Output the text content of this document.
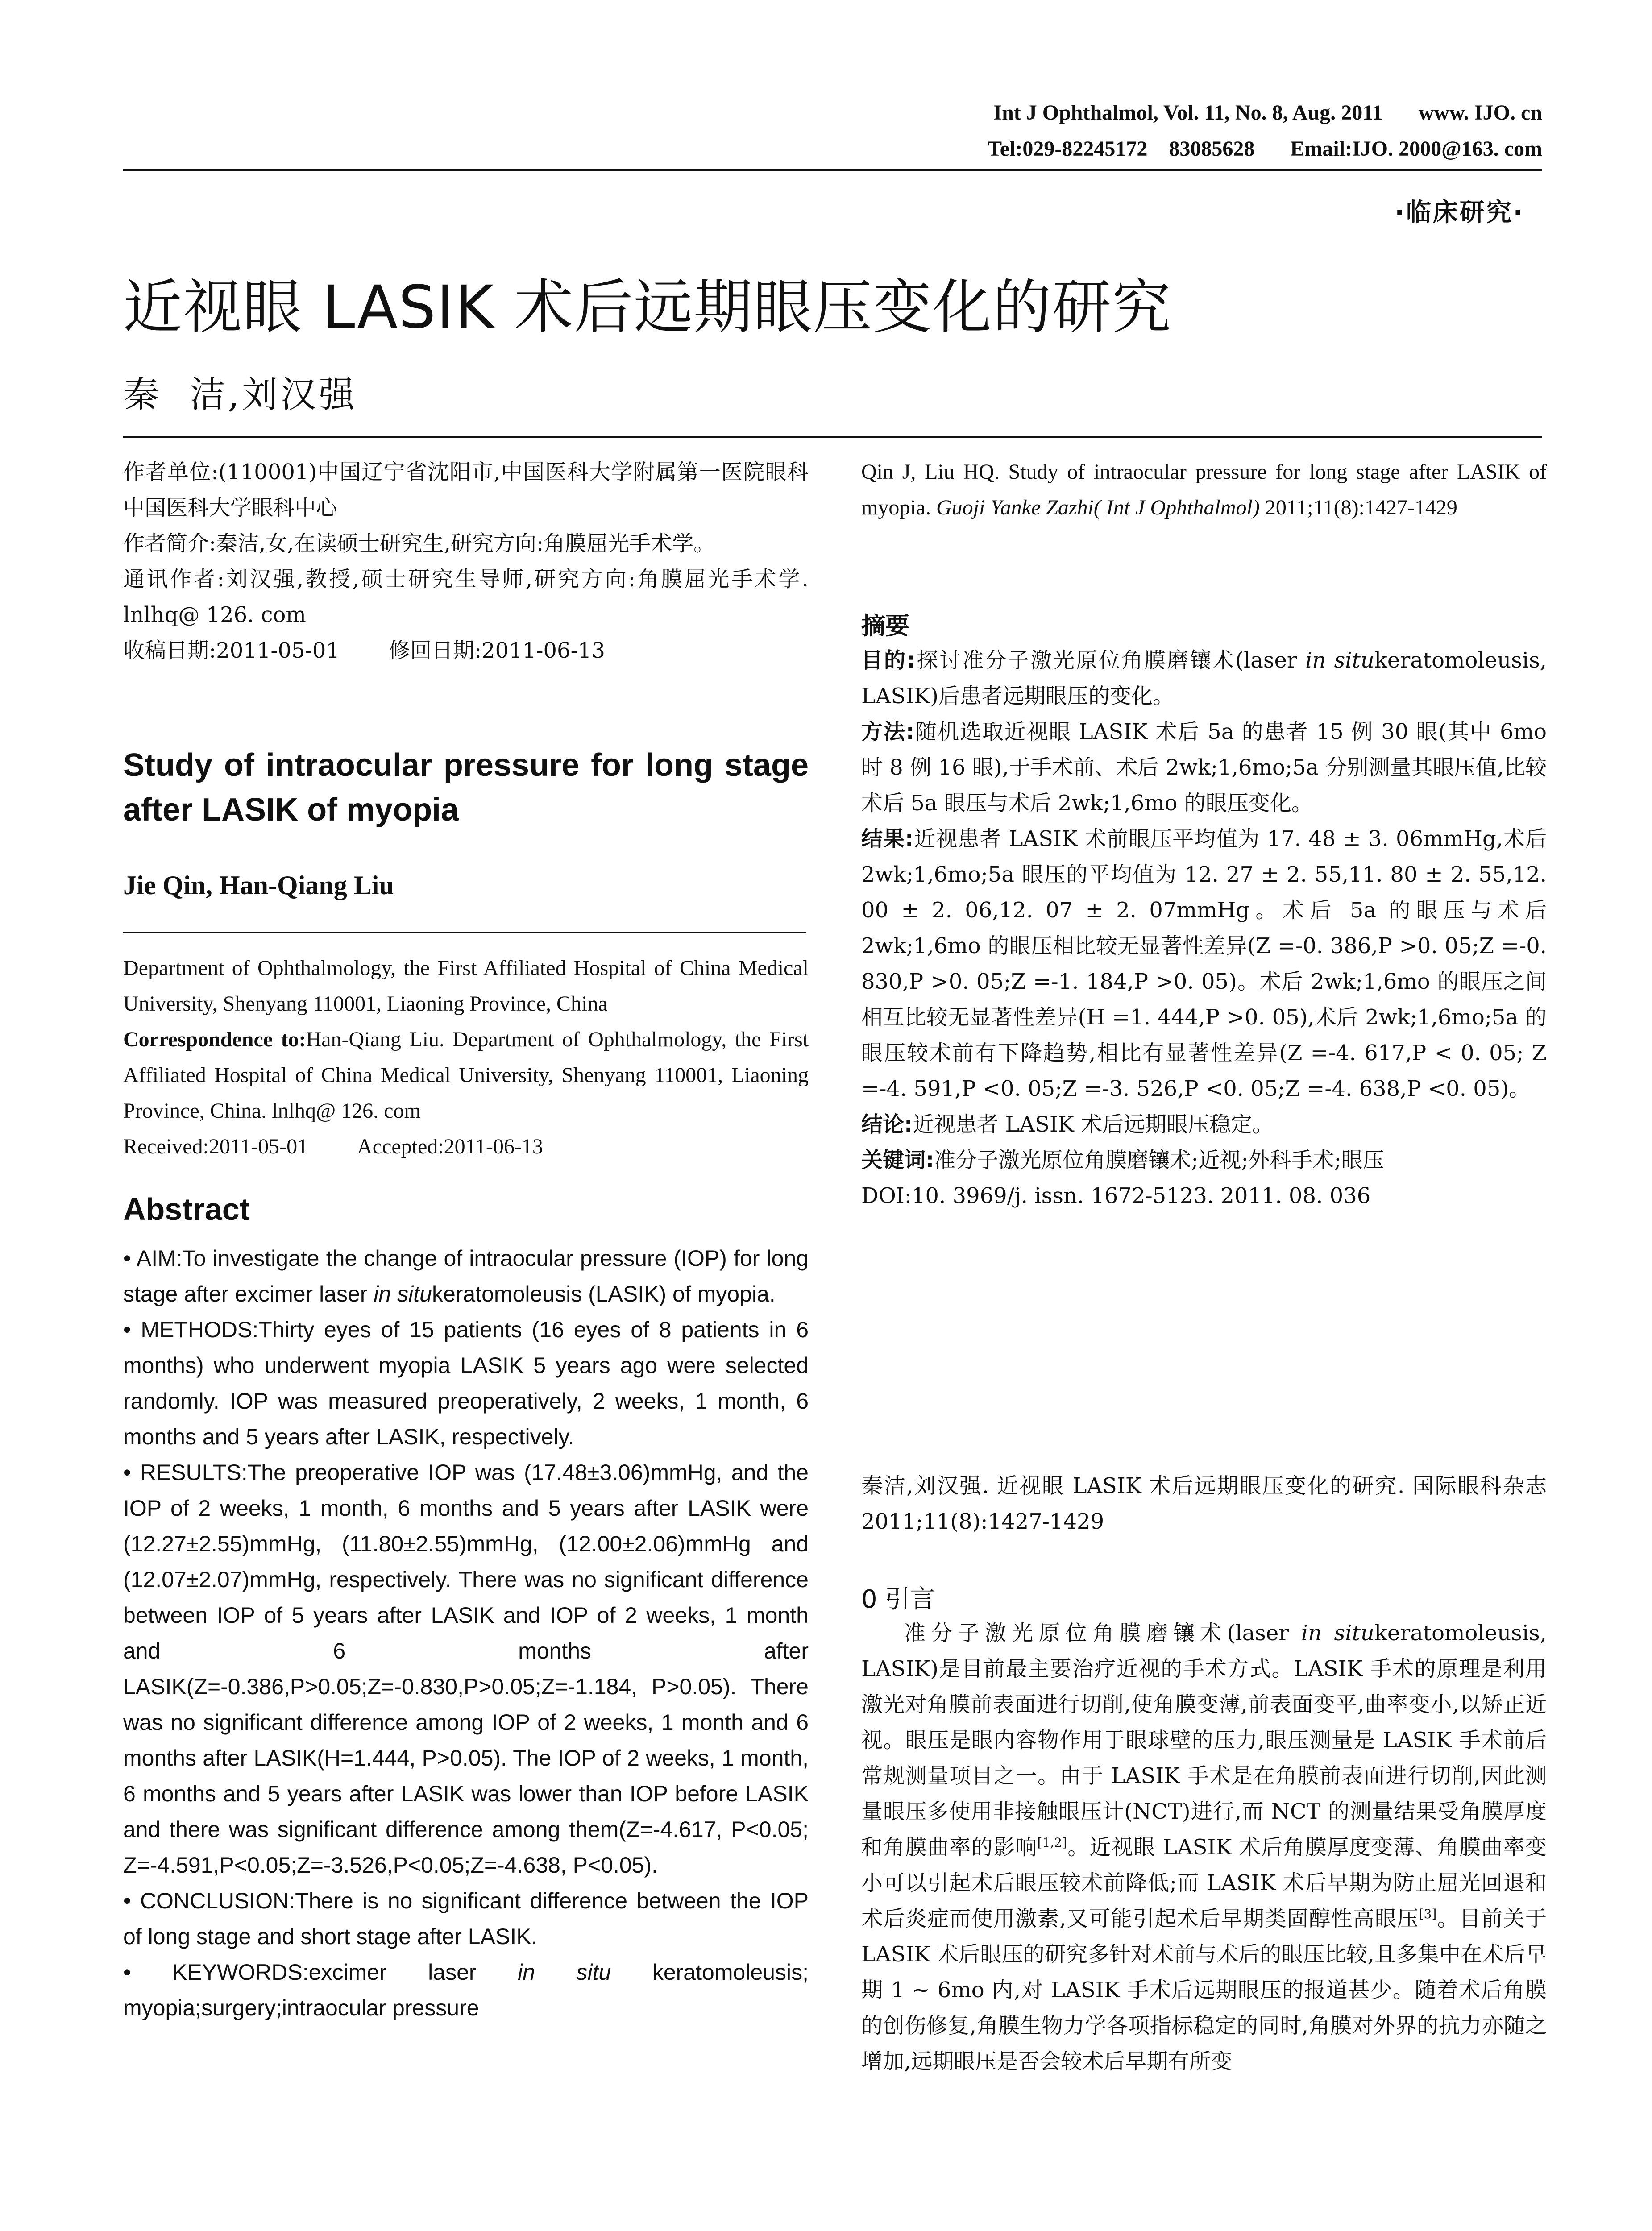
Int J Ophthalmol, Vol. 11, No. 8, Aug. 2011 www. IJO. cn
Tel:029-82245172    83085628 Email:IJO. 2000@163. com
·临床研究·
近视眼 LASIK 术后远期眼压变化的研究
秦  洁,刘汉强

作者单位:(110001)中国辽宁省沈阳市,中国医科大学附属第一医院眼科 中国医科大学眼科中心

作者简介:秦洁,女,在读硕士研究生,研究方向:角膜屈光手术学。

通讯作者:刘汉强,教授,硕士研究生导师,研究方向:角膜屈光手术学. lnlhq@ 126. com

收稿日期:2011-05-01 修回日期:2011-06-13

Study of intraocular pressure for long stage after LASIK of myopia
Jie Qin, Han-Qiang Liu

Department of Ophthalmology, the First Affiliated Hospital of China Medical University, Shenyang 110001, Liaoning Province, China

Correspondence to:Han-Qiang Liu. Department of Ophthalmology, the First Affiliated Hospital of China Medical University, Shenyang 110001, Liaoning Province, China. lnlhq@ 126. com

Received:2011-05-01 Accepted:2011-06-13

Abstract

• AIM:To investigate the change of intraocular pressure (IOP) for long stage after excimer laser in situkeratomoleusis (LASIK) of myopia.

• METHODS:Thirty eyes of 15 patients (16 eyes of 8 patients in 6 months) who underwent myopia LASIK 5 years ago were selected randomly. IOP was measured preoperatively, 2 weeks, 1 month, 6 months and 5 years after LASIK, respectively.

• RESULTS:The preoperative IOP was (17.48±3.06)mmHg, and the IOP of 2 weeks, 1 month, 6 months and 5 years after LASIK were (12.27±2.55)mmHg, (11.80±2.55)mmHg, (12.00±2.06)mmHg and (12.07±2.07)mmHg, respectively. There was no significant difference between IOP of 5 years after LASIK and IOP of 2 weeks, 1 month and 6 months after LASIK(Z=-0.386,P>0.05;Z=-0.830,P>0.05;Z=-1.184, P>0.05). There was no significant difference among IOP of 2 weeks, 1 month and 6 months after LASIK(H=1.444, P>0.05). The IOP of 2 weeks, 1 month, 6 months and 5 years after LASIK was lower than IOP before LASIK and there was significant difference among them(Z=-4.617, P<0.05; Z=-4.591,P<0.05;Z=-3.526,P<0.05;Z=-4.638, P<0.05).

• CONCLUSION:There is no significant difference between the IOP of long stage and short stage after LASIK.

• KEYWORDS:excimer laser in situ keratomoleusis; myopia;surgery;intraocular pressure

Qin J, Liu HQ. Study of intraocular pressure for long stage after LASIK of myopia. Guoji Yanke Zazhi( Int J Ophthalmol) 2011;11(8):1427-1429

摘要

目的:探讨准分子激光原位角膜磨镶术(laser in situkeratomoleusis, LASIK)后患者远期眼压的变化。

方法:随机选取近视眼 LASIK 术后 5a 的患者 15 例 30 眼(其中 6mo 时 8 例 16 眼),于手术前、术后 2wk;1,6mo;5a 分别测量其眼压值,比较术后 5a 眼压与术后 2wk;1,6mo 的眼压变化。

结果:近视患者 LASIK 术前眼压平均值为 17. 48 ± 3. 06mmHg,术后 2wk;1,6mo;5a 眼压的平均值为 12. 27 ± 2. 55,11. 80 ± 2. 55,12. 00 ± 2. 06,12. 07 ± 2. 07mmHg。术后 5a 的眼压与术后 2wk;1,6mo 的眼压相比较无显著性差异(Z =-0. 386,P >0. 05;Z =-0. 830,P >0. 05;Z =-1. 184,P >0. 05)。术后 2wk;1,6mo 的眼压之间相互比较无显著性差异(H =1. 444,P >0. 05),术后 2wk;1,6mo;5a 的眼压较术前有下降趋势,相比有显著性差异(Z =-4. 617,P < 0. 05; Z =-4. 591,P <0. 05;Z =-3. 526,P <0. 05;Z =-4. 638,P <0. 05)。

结论:近视患者 LASIK 术后远期眼压稳定。

关键词:准分子激光原位角膜磨镶术;近视;外科手术;眼压

DOI:10. 3969/j. issn. 1672-5123. 2011. 08. 036

秦洁,刘汉强. 近视眼 LASIK 术后远期眼压变化的研究. 国际眼科杂志 2011;11(8):1427-1429
0 引言

准分子激光原位角膜磨镶术(laser in situkeratomoleusis, LASIK)是目前最主要治疗近视的手术方式。LASIK 手术的原理是利用激光对角膜前表面进行切削,使角膜变薄,前表面变平,曲率变小,以矫正近视。眼压是眼内容物作用于眼球壁的压力,眼压测量是 LASIK 手术前后常规测量项目之一。由于 LASIK 手术是在角膜前表面进行切削,因此测量眼压多使用非接触眼压计(NCT)进行,而 NCT 的测量结果受角膜厚度和角膜曲率的影响[1,2]。近视眼 LASIK 术后角膜厚度变薄、角膜曲率变小可以引起术后眼压较术前降低;而 LASIK 术后早期为防止屈光回退和术后炎症而使用激素,又可能引起术后早期类固醇性高眼压[3]。目前关于 LASIK 术后眼压的研究多针对术前与术后的眼压比较,且多集中在术后早期 1 ~ 6mo 内,对 LASIK 手术后远期眼压的报道甚少。随着术后角膜的创伤修复,角膜生物力学各项指标稳定的同时,角膜对外界的抗力亦随之增加,远期眼压是否会较术后早期有所变
